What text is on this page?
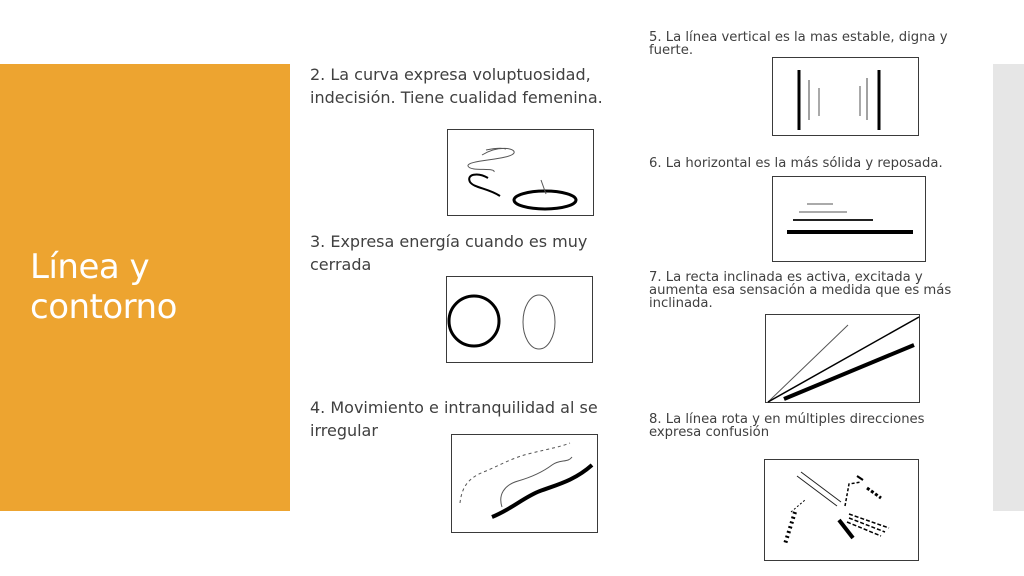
Línea y contorno
2. La curva expresa voluptuosidad, indecisión. Tiene cualidad femenina.
3. Expresa energía cuando es muy cerrada
4. Movimiento e intranquilidad al se irregular
5. La línea vertical es la mas estable, digna y fuerte.
6. La horizontal es la más sólida y reposada.
7. La recta inclinada es activa, excitada y aumenta esa sensación a medida que es más inclinada.
8. La línea rota y en múltiples direcciones expresa confusión
